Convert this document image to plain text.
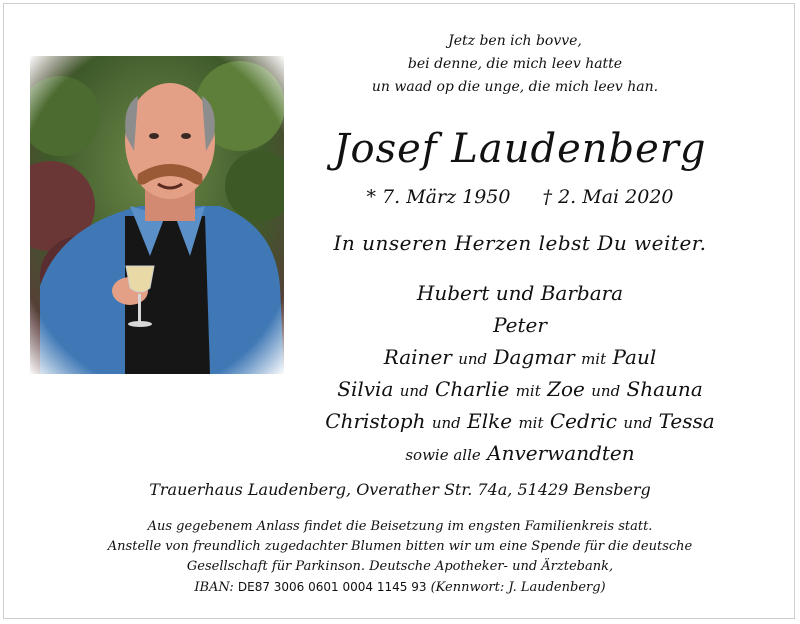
Jetz ben ich bovve,
bei denne, die mich leev hatte
un waad op die unge, die mich leev han.
Josef Laudenberg
* 7. März 1950 † 2. Mai 2020
In unseren Herzen lebst Du weiter.
Hubert und Barbara
Peter
Rainer und Dagmar mit Paul
Silvia und Charlie mit Zoe und Shauna
Christoph und Elke mit Cedric und Tessa
sowie alle Anverwandten
Trauerhaus Laudenberg, Overather Str. 74a, 51429 Bensberg
Aus gegebenem Anlass findet die Beisetzung im engsten Familienkreis statt.
Anstelle von freundlich zugedachter Blumen bitten wir um eine Spende für die deutsche
Gesellschaft für Parkinson. Deutsche Apotheker- und Ärztebank,
IBAN: DE87 3006 0601 0004 1145 93 (Kennwort: J. Laudenberg)
